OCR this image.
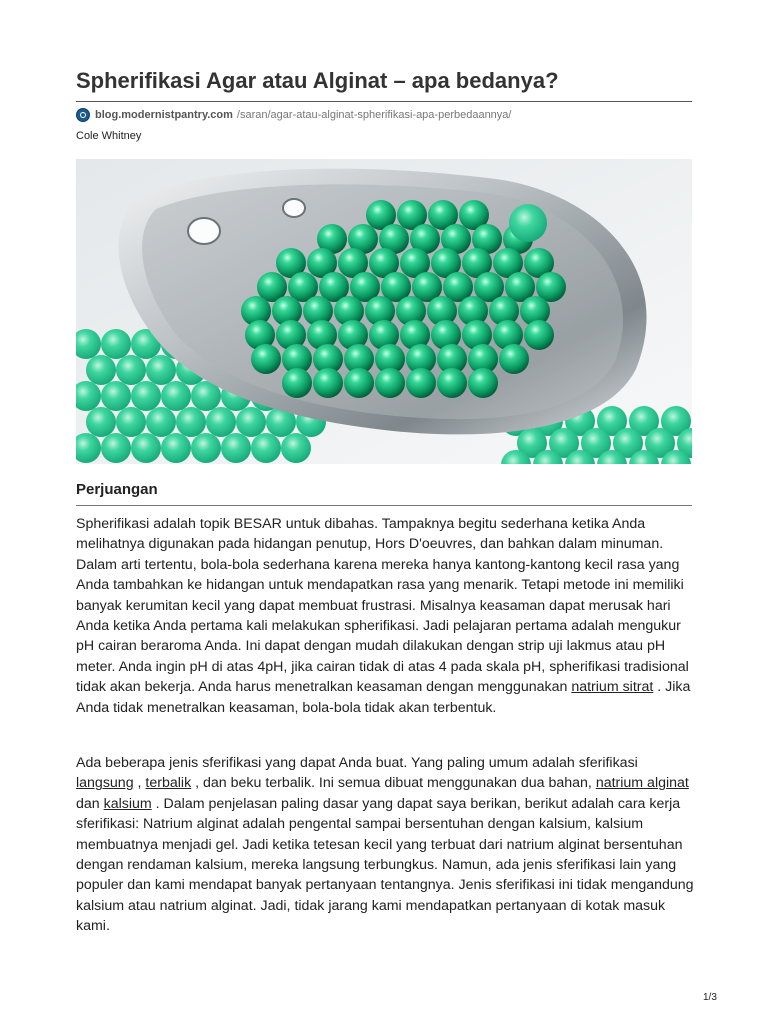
Spherifikasi Agar atau Alginat – apa bedanya?
blog.modernistpantry.com /saran/agar-atau-alginat-spherifikasi-apa-perbedaannya/
Cole Whitney
Perjuangan

Spherifikasi adalah topik BESAR untuk dibahas. Tampaknya begitu sederhana ketika Anda melihatnya digunakan pada hidangan penutup, Hors D'oeuvres, dan bahkan dalam minuman. Dalam arti tertentu, bola-bola sederhana karena mereka hanya kantong-kantong kecil rasa yang Anda tambahkan ke hidangan untuk mendapatkan rasa yang menarik. Tetapi metode ini memiliki banyak kerumitan kecil yang dapat membuat frustrasi. Misalnya keasaman dapat merusak hari Anda ketika Anda pertama kali melakukan spherifikasi. Jadi pelajaran pertama adalah mengukur pH cairan beraroma Anda. Ini dapat dengan mudah dilakukan dengan strip uji lakmus atau pH meter. Anda ingin pH di atas 4pH, jika cairan tidak di atas 4 pada skala pH, spherifikasi tradisional tidak akan bekerja. Anda harus menetralkan keasaman dengan menggunakan natrium sitrat . Jika Anda tidak menetralkan keasaman, bola-bola tidak akan terbentuk.

Ada beberapa jenis sferifikasi yang dapat Anda buat. Yang paling umum adalah sferifikasi langsung , terbalik , dan beku terbalik. Ini semua dibuat menggunakan dua bahan, natrium alginat dan kalsium . Dalam penjelasan paling dasar yang dapat saya berikan, berikut adalah cara kerja sferifikasi: Natrium alginat adalah pengental sampai bersentuhan dengan kalsium, kalsium membuatnya menjadi gel. Jadi ketika tetesan kecil yang terbuat dari natrium alginat bersentuhan dengan rendaman kalsium, mereka langsung terbungkus. Namun, ada jenis sferifikasi lain yang populer dan kami mendapat banyak pertanyaan tentangnya. Jenis sferifikasi ini tidak mengandung kalsium atau natrium alginat. Jadi, tidak jarang kami mendapatkan pertanyaan di kotak masuk kami.

1/3
